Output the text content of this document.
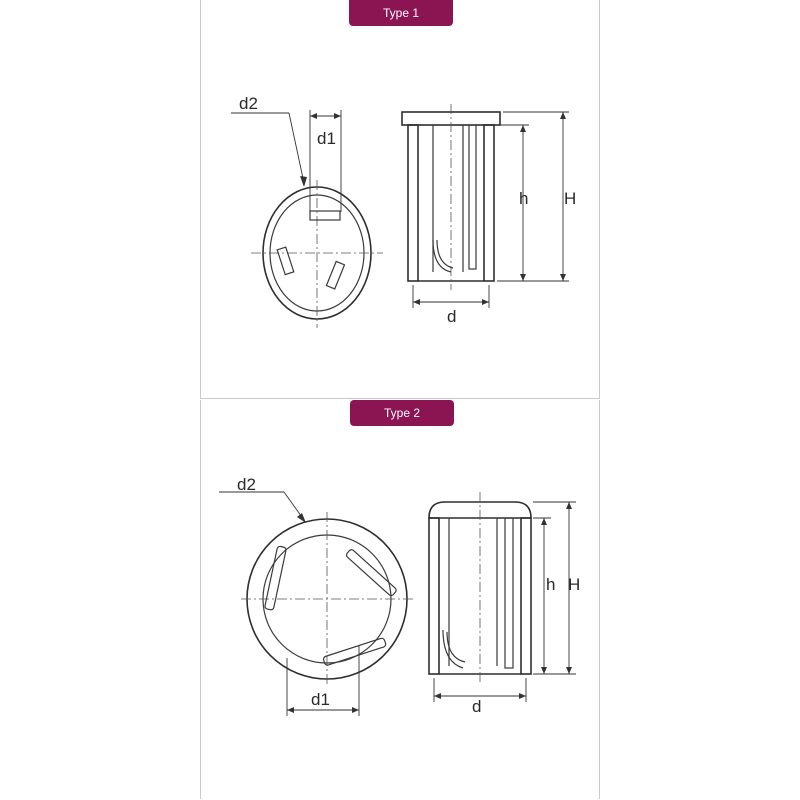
Type 1
d1
d2
d
h H
Type 2
d1
d2
d
h H
